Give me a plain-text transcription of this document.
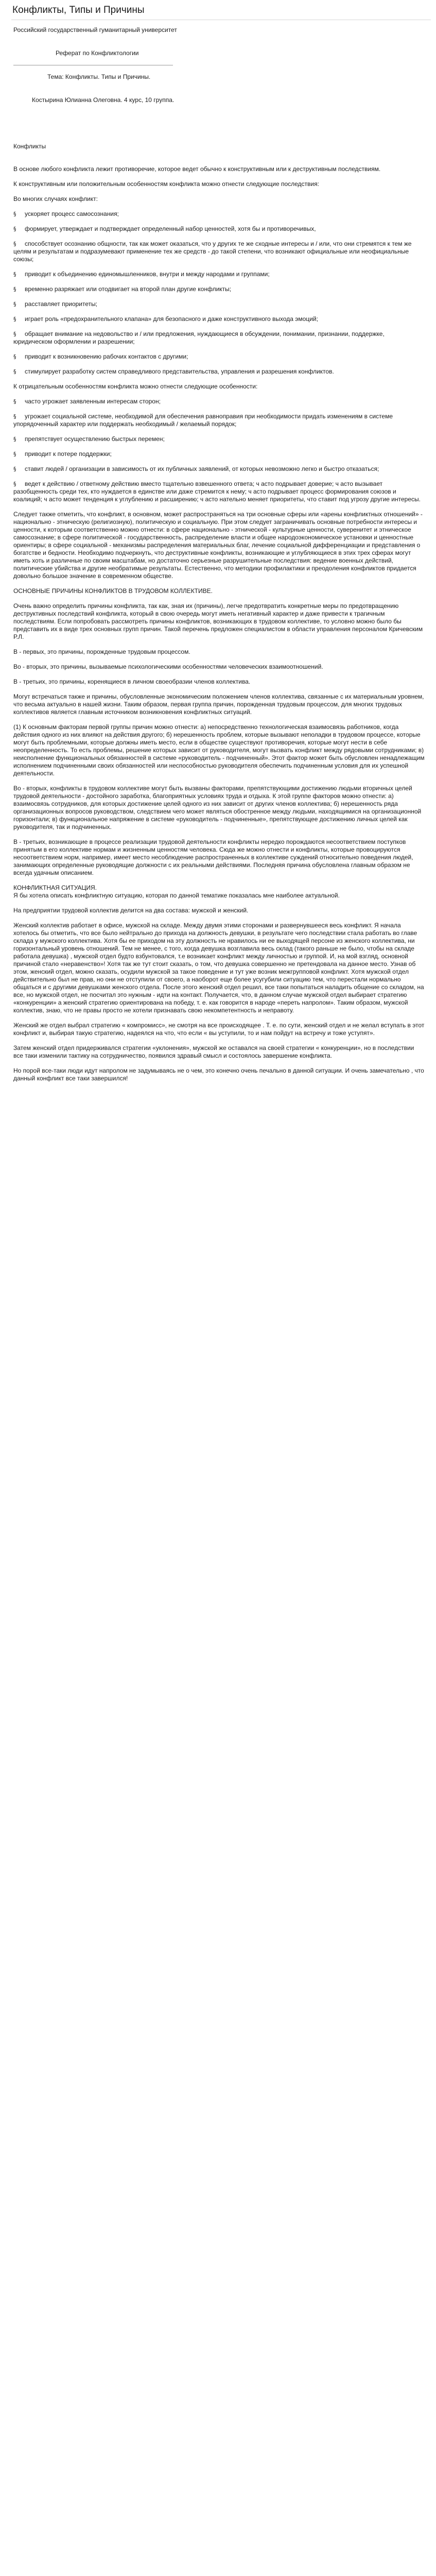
Конфликты, Типы и Причины

Российский государственный гуманитарный университет

Реферат по Конфликтологии

Тема: Конфликты. Типы и Причины.

Костырина Юлианна Олеговна. 4 курс, 10 группа.

Конфликты

В основе любого конфликта лежит противоречие, которое ведет обычно к конструктивным или к деструктивным последствиям.

К конструктивным или положительным особенностям конфликта можно отнести следующие последствия:

Во многих случаях конфликт:

§ ускоряет процесс самосознания;

§ формирует, утверждает и подтверждает определенный набор ценностей, хотя бы и противоречивых,

§ способствует осознанию общности, так как может оказаться, что у других те же сходные интересы и / или, что они стремятся к тем же целям и результатам и подразумевают применение тех же средств - до такой степени, что возникают официальные или неофициальные союзы;

§ приводит к объединению единомышленников, внутри и между народами и группами;

§ временно разряжает или отодвигает на второй план другие конфликты;

§ расставляет приоритеты;

§ играет роль «предохранительного клапана» для безопасного и даже конструктивного выхода эмоций;

§ обращает внимание на недовольство и / или предложения, нуждающиеся в обсуждении, понимании, признании, поддержке, юридическом оформлении и разрешении;

§ приводит к возникновению рабочих контактов с другими;

§ стимулирует разработку систем справедливого представительства, управления и разрешения конфликтов.

К отрицательным особенностям конфликта можно отнести следующие особенности:

§ часто угрожает заявленным интересам сторон;

§ угрожает социальной системе, необходимой для обеспечения равноправия при необходимости придать изменениям в системе упорядоченный характер или поддержать необходимый / желаемый порядок;

§ препятствует осуществлению быстрых перемен;

§ приводит к потере поддержки;

§ ставит людей / организации в зависимость от их публичных заявлений, от которых невозможно легко и быстро отказаться;

§ ведет к действию / ответному действию вместо тщательно взвешенного ответа; ч асто подрывает доверие; ч асто вызывает разобщенность среди тех, кто нуждается в единстве или даже стремится к нему; ч асто подрывает процесс формирования союзов и коалиций; ч асто может тенденция к углублению и расширению; ч асто нательно меняет приоритеты, что ставит под угрозу другие интересы.

Следует также отметить, что конфликт, в основном, может распространяться на три основные сферы или «арены конфликтных отношений» - национально - этническую (религиозную), политическую и социальную. При этом следует заграничивать основные потребности интересы и ценности, к которым соответственно можно отнести: в сфере национально - этнической - культурные ценности, суверенитет и этническое самосознание; в сфере политической - государственность, распределение власти и общее народоэкономическое установки и ценностные ориентиры; в сфере социальной - механизмы распределения материальных благ, лечение социальной дифференциации и представления о богатстве и бедности. Необходимо подчеркнуть, что деструктивные конфликты, возникающие и углубляющиеся в этих трех сферах могут иметь хоть и различные по своим масштабам, но достаточно серьезные разрушительные последствия: ведение военных действий, политические убийства и другие необратимые результаты. Естественно, что методики профилактики и преодоления конфликтов придается довольно большое значение в современном обществе.

ОСНОВНЫЕ ПРИЧИНЫ КОНФЛИКТОВ В ТРУДОВОМ КОЛЛЕКТИВЕ.

Очень важно определить причины конфликта, так как, зная их (причины), легче предотвратить конкретные меры по предотвращению деструктивных последствий конфликта, который в свою очередь могут иметь негативный характер и даже привести к трагичным последствиям. Если попробовать рассмотреть причины конфликтов, возникающих в трудовом коллективе, то условно можно было бы представить их в виде трех основных групп причин. Такой перечень предложен специалистом в области управления персоналом Кричевским Р.Л.

В - первых, это причины, порожденные трудовым процессом.

Во - вторых, это причины, вызываемые психологическими особенностями человеческих взаимоотношений.

В - третьих, это причины, коренящиеся в личном своеобразии членов коллектива.

Могут встречаться также и причины, обусловленные экономическим положением членов коллектива, связанные с их материальным уровнем, что весьма актуально в нашей жизни. Таким образом, первая группа причин, порожденная трудовым процессом, для многих трудовых коллективов является главным источником возникновения конфликтных ситуаций.

(1) К основным факторам первой группы причин можно отнести: а) непосредственно технологическая взаимосвязь работников, когда действия одного из них влияют на действия другого; б) нерешенность проблем, которые вызывают неполадки в трудовом процессе, которые могут быть проблемными, которые должны иметь место, если в обществе существуют противоречия, которые могут нести в себе неопределенность. То есть проблемы, решение которых зависит от руководителя, могут вызвать конфликт между рядовыми сотрудниками; в) неисполнение функциональных обязанностей в системе «руководитель - подчиненный». Этот фактор может быть обусловлен ненадлежащим исполнением подчиненными своих обязанностей или неспособностью руководителя обеспечить подчиненным условия для их успешной деятельности.

Во - вторых, конфликты в трудовом коллективе могут быть вызваны факторами, препятствующими достижению людьми вторичных целей трудовой деятельности - достойного заработка, благоприятных условиях труда и отдыха. К этой группе факторов можно отнести: а) взаимосвязь сотрудников, для которых достижение целей одного из них зависит от других членов коллектива; б) нерешенность ряда организационных вопросов руководством, следствием чего может являться обостренное между людьми, находящимися на организационной горизонтали; в) функциональное напряжение в системе «руководитель - подчиненные», препятствующее достижению личных целей как руководителя, так и подчиненных.

В - третьих, возникающие в процессе реализации трудовой деятельности конфликты нередко порождаются несоответствием поступков принятым в его коллективе нормам и жизненным ценностям человека. Сюда же можно отнести и конфликты, которые провоцируются несоответствием норм, например, имеет место несоблюдение распространенных в коллективе суждений относительно поведения людей, занимающих определенные руководящие должности с их реальными действиями. Последняя причина обусловлена главным образом не всегда удачным описанием.

КОНФЛИКТНАЯ СИТУАЦИЯ.

Я бы хотела описать конфликтную ситуацию, которая по данной тематике показалась мне наиболее актуальной.

На предприятии трудовой коллектив делится на два состава: мужской и женский.

Женский коллектив работает в офисе, мужской на складе. Между двумя этими сторонами и развернувшееся весь конфликт. Я начала хотелось бы отметить, что все было нейтрально до прихода на должность девушки, в результате чего последствии стала работать во главе склада у мужского коллектива. Хотя бы ее приходом на эту должность не нравилось ни ее выходящей персоне из женского коллектива, ни горизонтальный уровень отношений. Тем не менее, с того, когда девушка возглавила весь склад (такого раньше не было, чтобы на складе работала девушка) , мужской отдел будто взбунтовался, т.е возникает конфликт между личностью и группой. И, на мой взгляд, основной причиной стало «неравенство»! Хотя так же тут стоит сказать, о том, что девушка совершенно не претендовала на данное место. Узнав об этом, женский отдел, можно сказать, осудили мужской за такое поведение и тут уже возник межгрупповой конфликт. Хотя мужской отдел действительно был не прав, но они не отступили от своего, а наоборот еще более усугубили ситуацию тем, что перестали нормально общаться и с другими девушками женского отдела. После этого женский отдел решил, все таки попытаться наладить общение со складом, на все, но мужской отдел, не посчитал это нужным - идти на контакт. Получается, что, в данном случае мужской отдел выбирает стратегию «конкуренции» а женский стратегию ориентирована на победу, т. е. как говорится в народе «переть напролом». Таким образом, мужской коллектив, знаю, что не правы просто не хотели признавать свою некомпетентность и неправоту.

Женский же отдел выбрал стратегию « компромисс», не смотря на все происходящее . Т. е. по сути, женский отдел и не желал вступать в этот конфликт и, выбирая такую стратегию, надеялся на что, что если « вы уступили, то и нам пойдут на встречу и тоже уступят».

Затем женский отдел придерживался стратегии «уклонения», мужской же оставался на своей стратегии « конкуренции», но в последствии все таки изменили тактику на сотрудничество, появился здравый смысл и состоялось завершение конфликта.

Но порой все-таки люди идут напролом не задумываясь не о чем, это конечно очень печально в данной ситуации. И очень замечательно , что данный конфликт все таки завершился!
